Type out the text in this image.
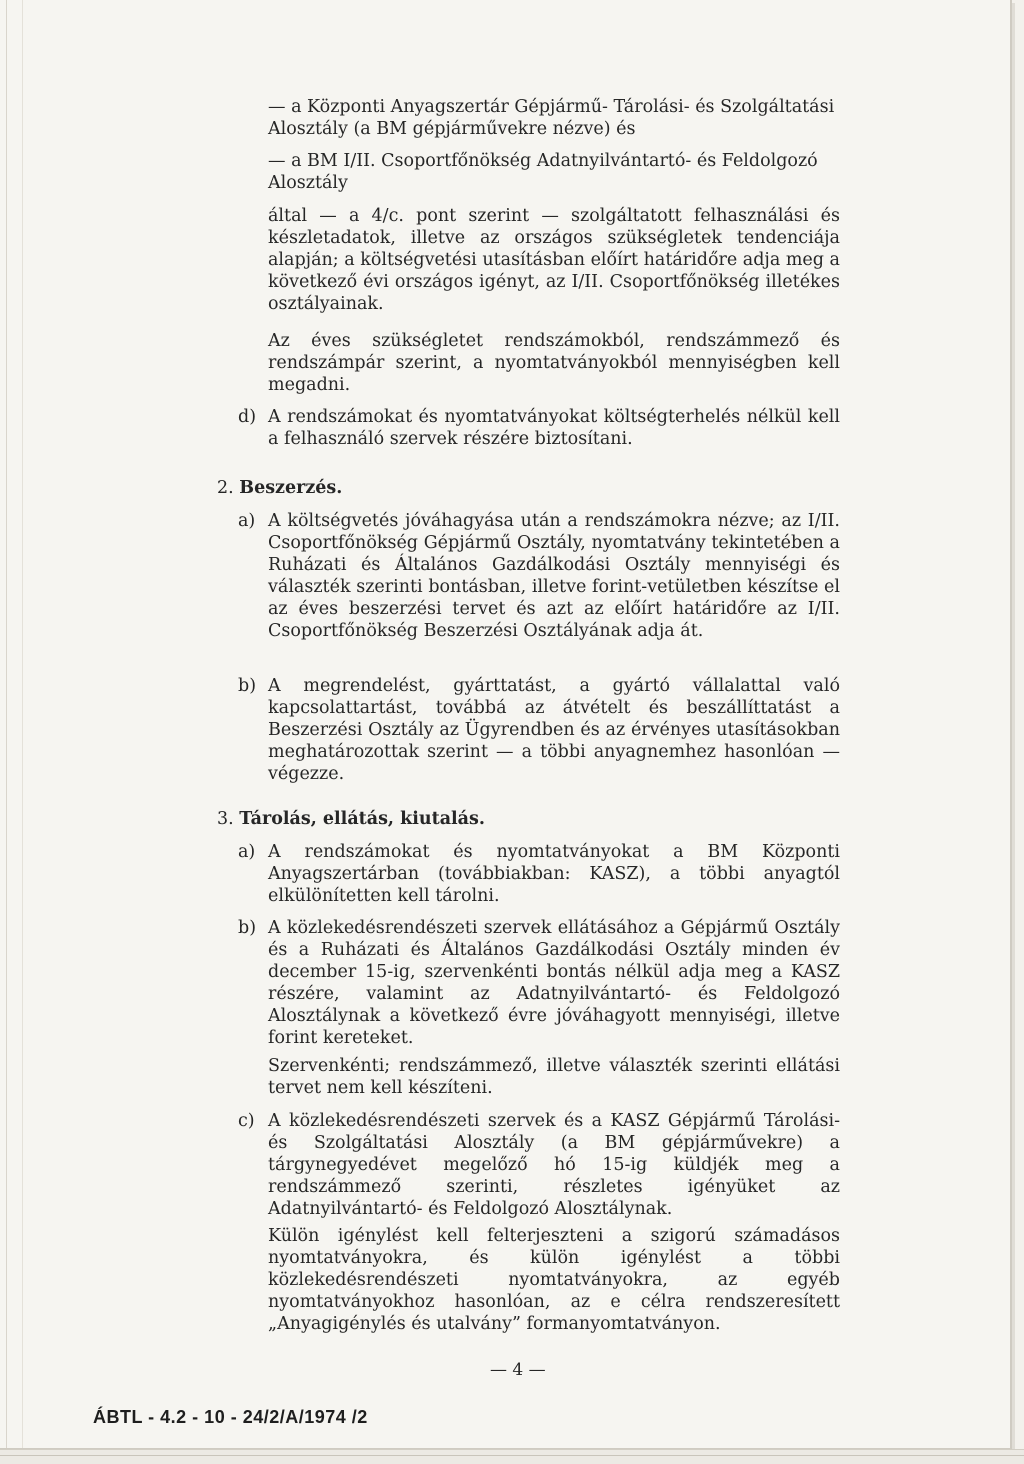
— a Központi Anyagszertár Gépjármű- Tárolási- és Szolgáltatási Alosztály (a BM gépjárművekre nézve) és

— a BM I/II. Csoportfőnökség Adatnyilvántartó- és Feldolgozó Alosztály

által — a 4/c. pont szerint — szolgáltatott felhasználási és készletadatok, illetve az országos szükségletek tendenciája alapján; a költségvetési utasításban előírt határidőre adja meg a következő évi országos igényt, az I/II. Csoportfőnökség illetékes osztályainak.

Az éves szükségletet rendszámokból, rendszámmező és rendszámpár szerint, a nyomtatványokból mennyiségben kell megadni.

d) A rendszámokat és nyomtatványokat költségterhelés nélkül kell a felhasználó szervek részére biztosítani.

2. Beszerzés.
a) A költségvetés jóváhagyása után a rendszámokra nézve; az I/II. Csoportfőnökség Gépjármű Osztály, nyomtatvány tekintetében a Ruházati és Általános Gazdálkodási Osztály mennyiségi és választék szerinti bontásban, illetve forint-vetületben készítse el az éves beszerzési tervet és azt az előírt határidőre az I/II. Csoportfőnökség Beszerzési Osztályának adja át.

b) A megrendelést, gyárttatást, a gyártó vállalattal való kapcsolattartást, továbbá az átvételt és beszállíttatást a Beszerzési Osztály az Ügyrendben és az érvényes utasításokban meghatározottak szerint — a többi anyagnemhez hasonlóan — végezze.

3. Tárolás, ellátás, kiutalás.
a) A rendszámokat és nyomtatványokat a BM Központi Anyagszertárban (továbbiakban: KASZ), a többi anyagtól elkülönítetten kell tárolni.

b) A közlekedésrendészeti szervek ellátásához a Gépjármű Osztály és a Ruházati és Általános Gazdálkodási Osztály minden év december 15-ig, szervenkénti bontás nélkül adja meg a KASZ részére, valamint az Adatnyilvántartó- és Feldolgozó Alosztálynak a következő évre jóváhagyott mennyiségi, illetve forint kereteket.

Szervenkénti; rendszámmező, illetve választék szerinti ellátási tervet nem kell készíteni.

c) A közlekedésrendészeti szervek és a KASZ Gépjármű Tárolási- és Szolgáltatási Alosztály (a BM gépjárművekre) a tárgynegyedévet megelőző hó 15-ig küldjék meg a rendszámmező szerinti, részletes igényüket az Adatnyilvántartó- és Feldolgozó Alosztálynak.

Külön igénylést kell felterjeszteni a szigorú számadásos nyomtatványokra, és külön igénylést a többi közlekedésrendészeti nyomtatványokra, az egyéb nyomtatványokhoz hasonlóan, az e célra rendszeresített „Anyagigénylés és utalvány” formanyomtatványon.

— 4 —
ÁBTL - 4.2 - 10 - 24/2/A/1974 /2
